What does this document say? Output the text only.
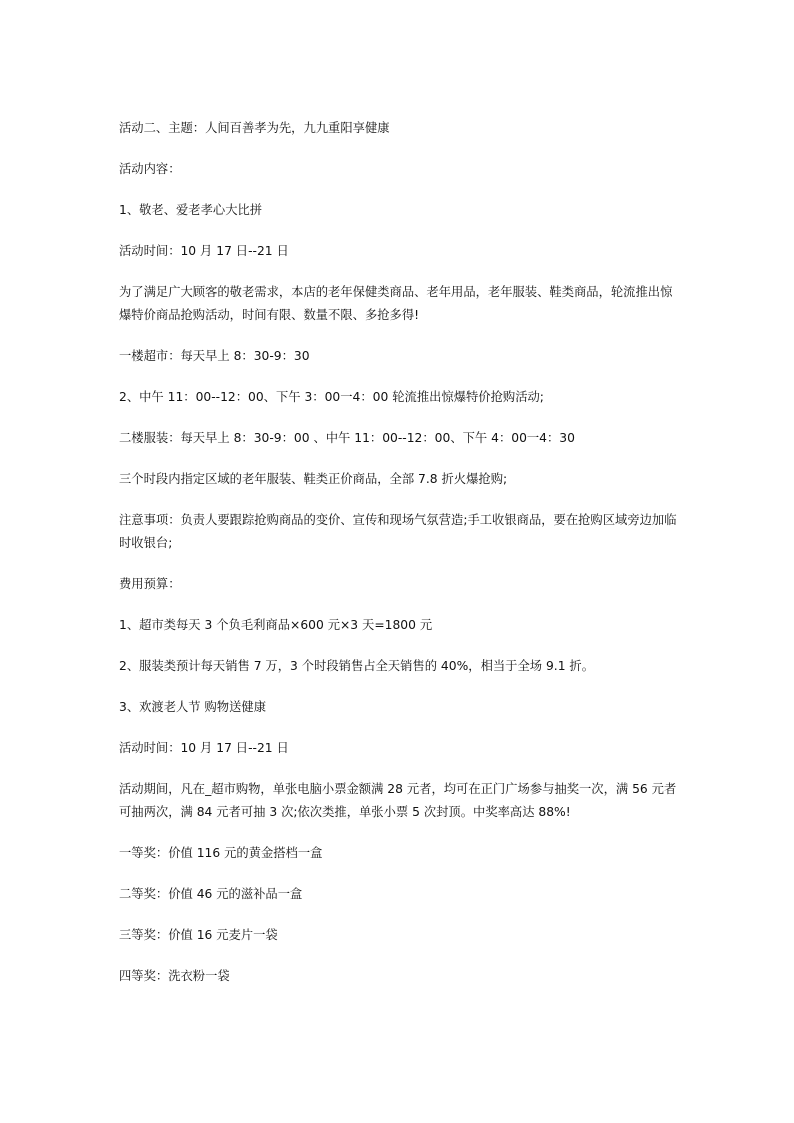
活动二、主题：人间百善孝为先，九九重阳享健康

活动内容：

1、敬老、爱老孝心大比拼

活动时间：10 月 17 日--21 日

为了满足广大顾客的敬老需求，本店的老年保健类商品、老年用品，老年服装、鞋类商品，轮流推出惊爆特价商品抢购活动，时间有限、数量不限、多抢多得!

一楼超市：每天早上 8：30-9：30

2、中午 11：00--12：00、下午 3：00一4：00 轮流推出惊爆特价抢购活动;

二楼服装：每天早上 8：30-9：00 、中午 11：00--12：00、下午 4：00一4：30

三个时段内指定区域的老年服装、鞋类正价商品，全部 7.8 折火爆抢购;

注意事项：负责人要跟踪抢购商品的变价、宣传和现场气氛营造;手工收银商品，要在抢购区域旁边加临时收银台;

费用预算：

1、超市类每天 3 个负毛利商品×600 元×3 天=1800 元

2、服装类预计每天销售 7 万，3 个时段销售占全天销售的 40%，相当于全场 9.1 折。

3、欢渡老人节 购物送健康

活动时间：10 月 17 日--21 日

活动期间，凡在_超市购物，单张电脑小票金额满 28 元者，均可在正门广场参与抽奖一次，满 56 元者可抽两次，满 84 元者可抽 3 次;依次类推，单张小票 5 次封顶。中奖率高达 88%!

一等奖：价值 116 元的黄金搭档一盒

二等奖：价值 46 元的滋补品一盒

三等奖：价值 16 元麦片一袋

四等奖：洗衣粉一袋
